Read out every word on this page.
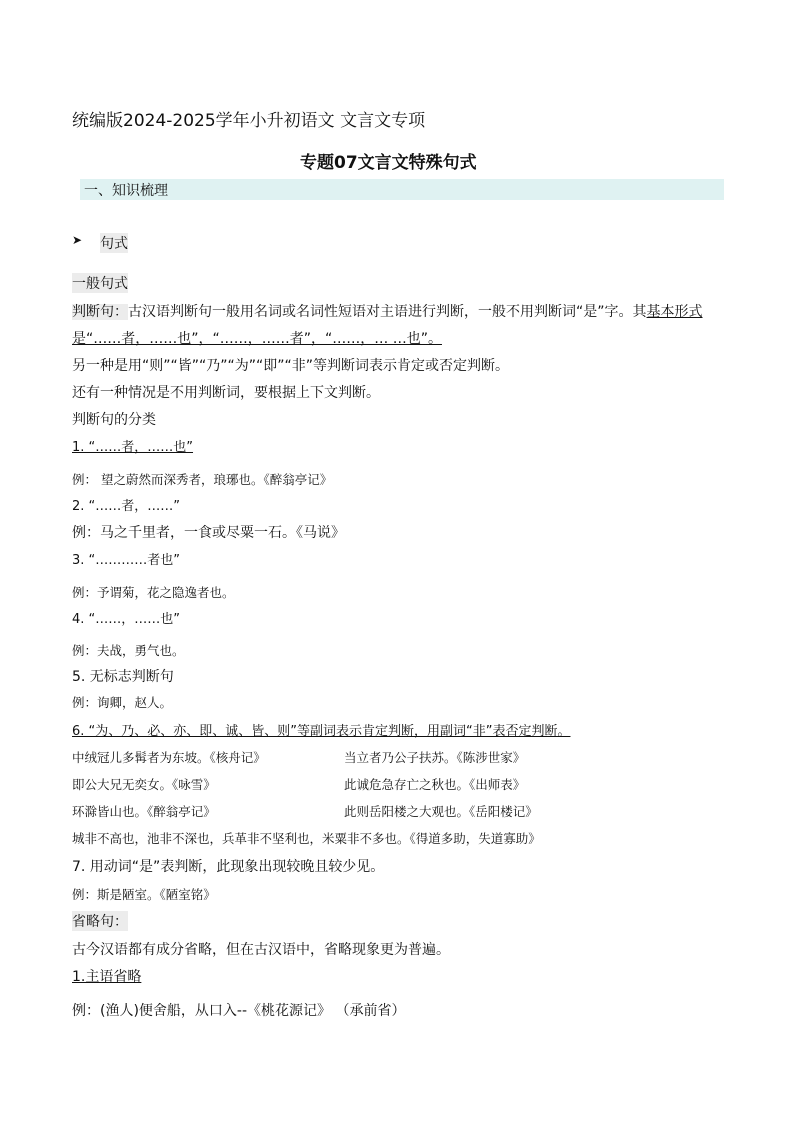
统编版2024-2025学年小升初语文 文言文专项
专题07文言文特殊句式
一、知识梳理
➤ 句式
一般句式
判断句：古汉语判断句一般用名词或名词性短语对主语进行判断，一般不用判断词“是”字。其基本形式
是“……者，……也”，“……，……者”，“……，… …也”。
另一种是用“则”“皆”“乃”“为”“即”“非”等判断词表示肯定或否定判断。
还有一种情况是不用判断词，要根据上下文判断。
判断句的分类
1. “……者，……也”
例： 望之蔚然而深秀者，琅琊也。《醉翁亭记》
2. “……者，……”
例：马之千里者，一食或尽粟一石。《马说》
3. “…………者也”
例：予谓菊，花之隐逸者也。
4. “……，……也”
例：夫战，勇气也。
5. 无标志判断句
例：询卿，赵人。
6. “为、乃、必、亦、即、诚、皆、则”等副词表示肯定判断，用副词“非”表否定判断。
中绒冠儿多髯者为东坡。《核舟记》
即公大兄无奕女。《咏雪》
环滁皆山也。《醉翁亭记》
当立者乃公子扶苏。《陈涉世家》
此诚危急存亡之秋也。《出师表》
此则岳阳楼之大观也。《岳阳楼记》
城非不高也，池非不深也，兵革非不坚利也，米粟非不多也。《得道多助，失道寡助》
7. 用动词“是”表判断，此现象出现较晚且较少见。
例：斯是陋室。《陋室铭》
省略句：
古今汉语都有成分省略，但在古汉语中，省略现象更为普遍。
1.主语省略
例：(渔人)便舍船，从口入--《桃花源记》 （承前省）
